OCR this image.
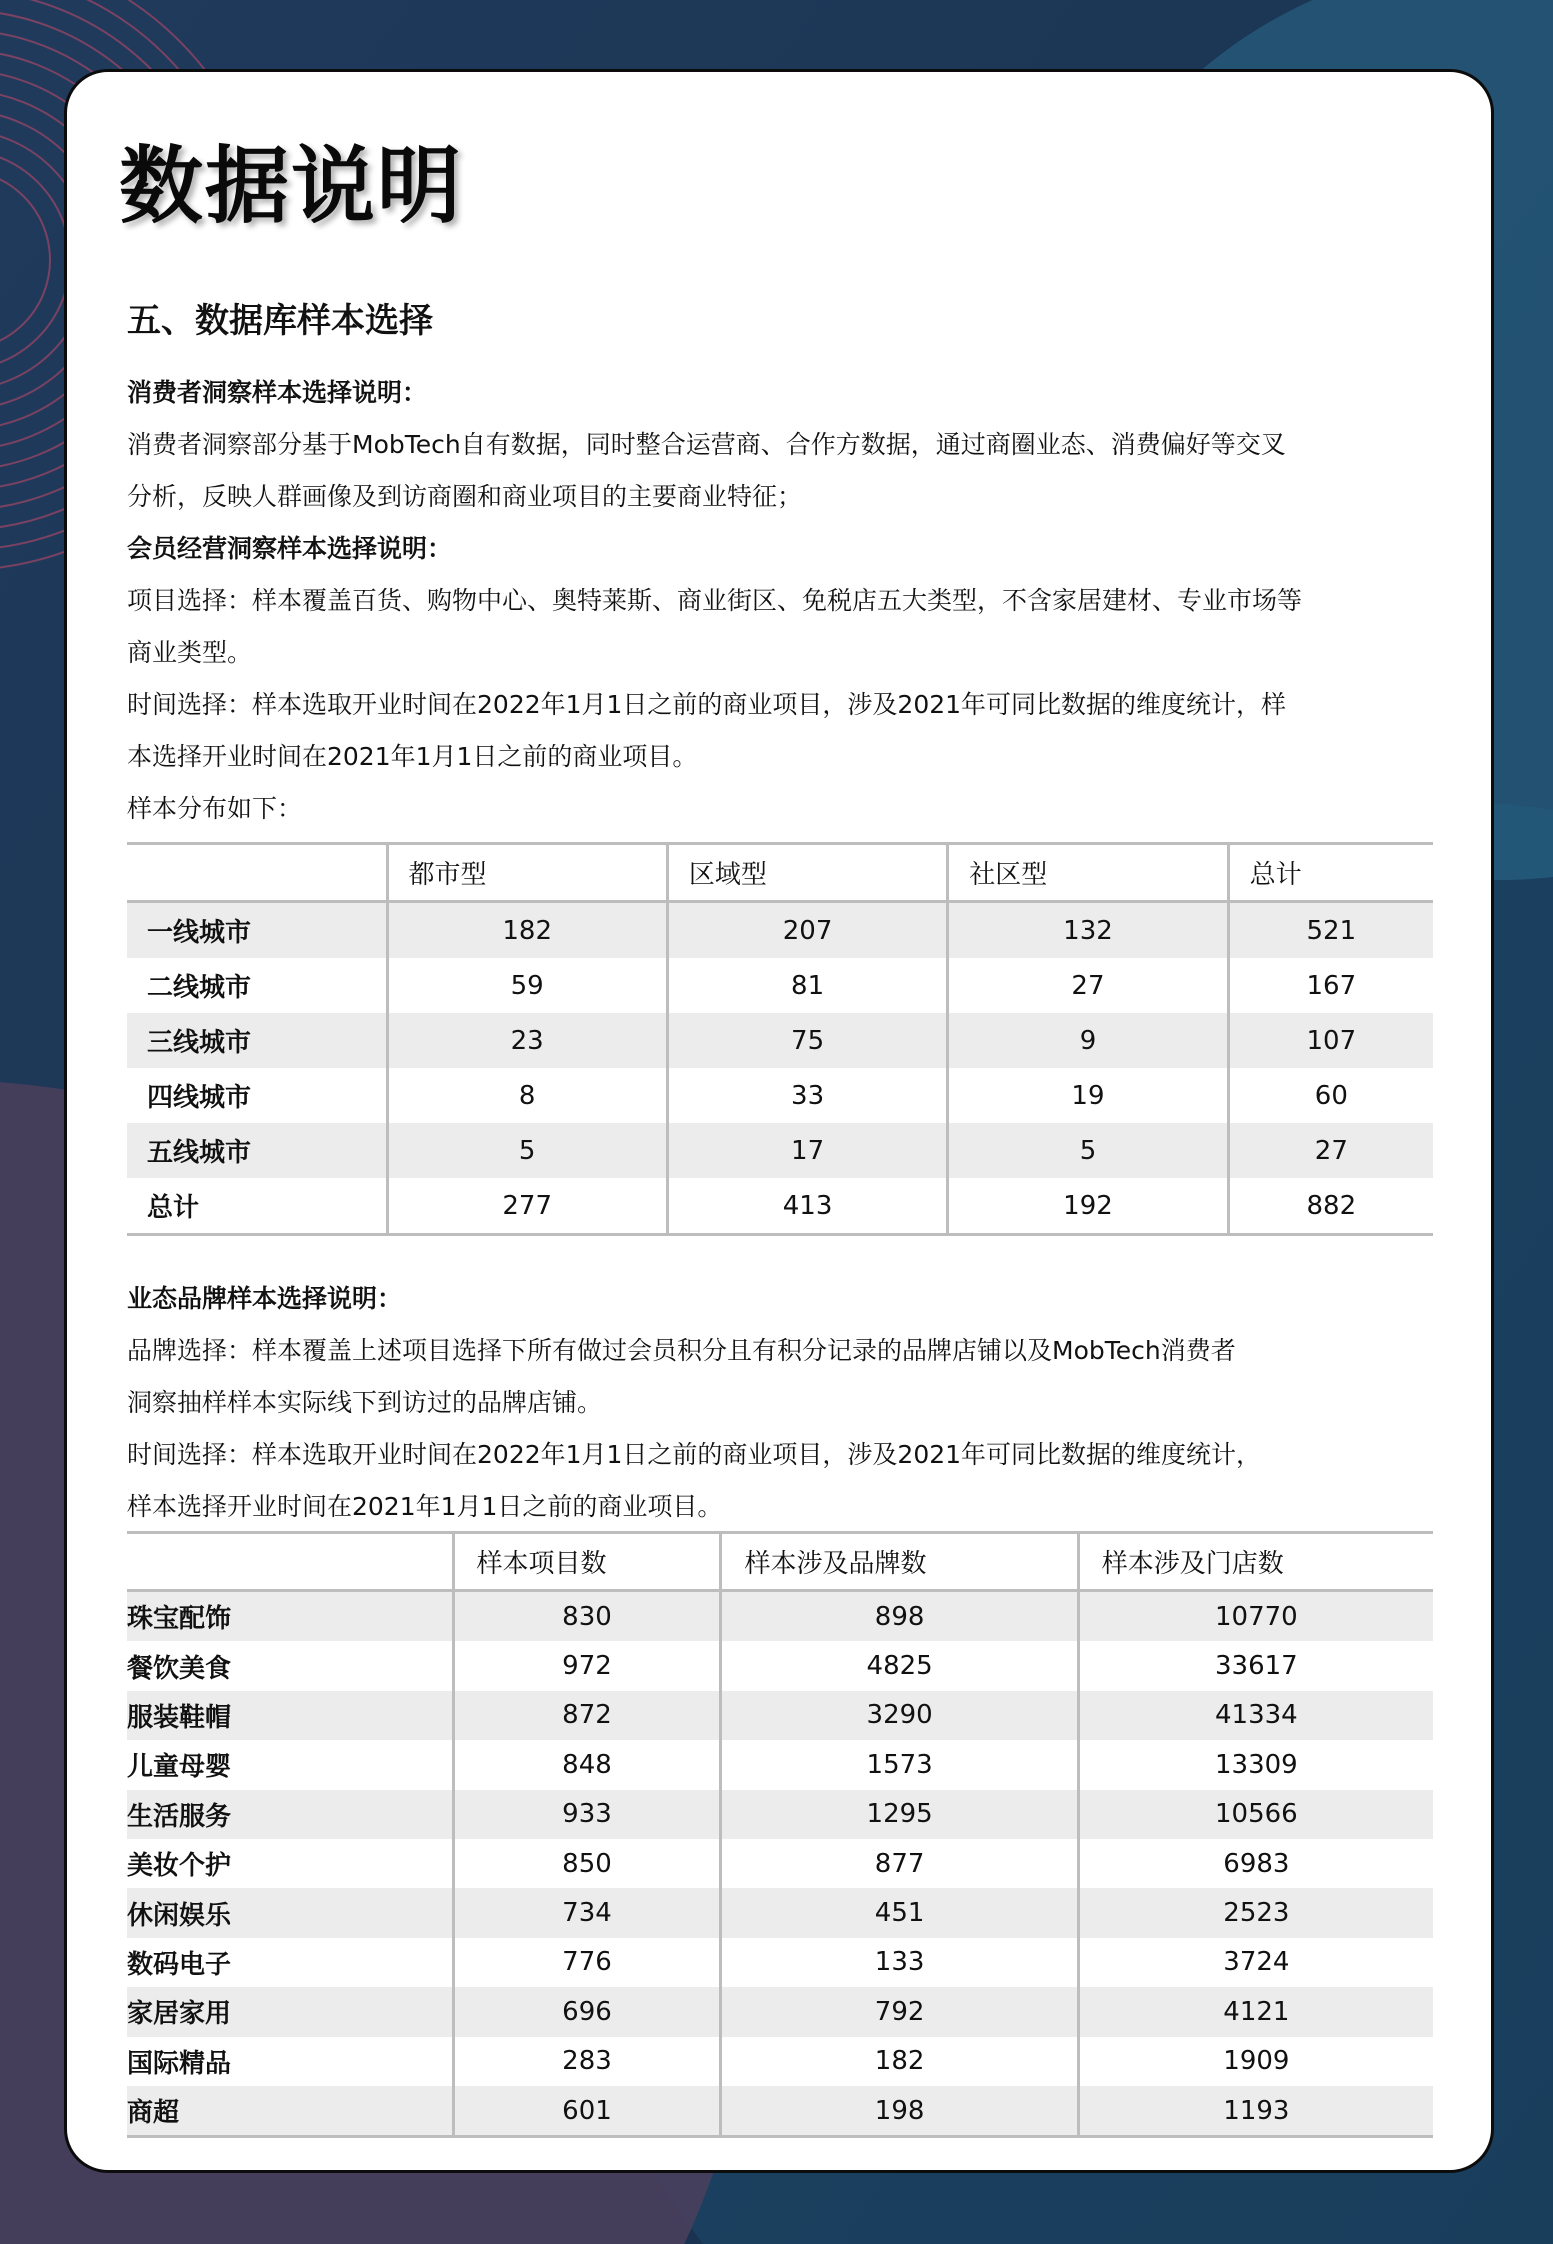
数据说明
五、数据库样本选择

消费者洞察样本选择说明：

消费者洞察部分基于MobTech自有数据，同时整合运营商、合作方数据，通过商圈业态、消费偏好等交叉

分析，反映人群画像及到访商圈和商业项目的主要商业特征；

会员经营洞察样本选择说明：

项目选择：样本覆盖百货、购物中心、奥特莱斯、商业街区、免税店五大类型，不含家居建材、专业市场等

商业类型。

时间选择：样本选取开业时间在2022年1月1日之前的商业项目，涉及2021年可同比数据的维度统计，样

本选择开业时间在2021年1月1日之前的商业项目。

样本分布如下：

	都市型	区域型	社区型	总计
一线城市	182	207	132	521
二线城市	59	81	27	167
三线城市	23	75	9	107
四线城市	8	33	19	60
五线城市	5	17	5	27
总计	277	413	192	882

业态品牌样本选择说明：

品牌选择：样本覆盖上述项目选择下所有做过会员积分且有积分记录的品牌店铺以及MobTech消费者

洞察抽样样本实际线下到访过的品牌店铺。

时间选择：样本选取开业时间在2022年1月1日之前的商业项目，涉及2021年可同比数据的维度统计，

样本选择开业时间在2021年1月1日之前的商业项目。

	样本项目数	样本涉及品牌数	样本涉及门店数
珠宝配饰	830	898	10770
餐饮美食	972	4825	33617
服装鞋帽	872	3290	41334
儿童母婴	848	1573	13309
生活服务	933	1295	10566
美妆个护	850	877	6983
休闲娱乐	734	451	2523
数码电子	776	133	3724
家居家用	696	792	4121
国际精品	283	182	1909
商超	601	198	1193
